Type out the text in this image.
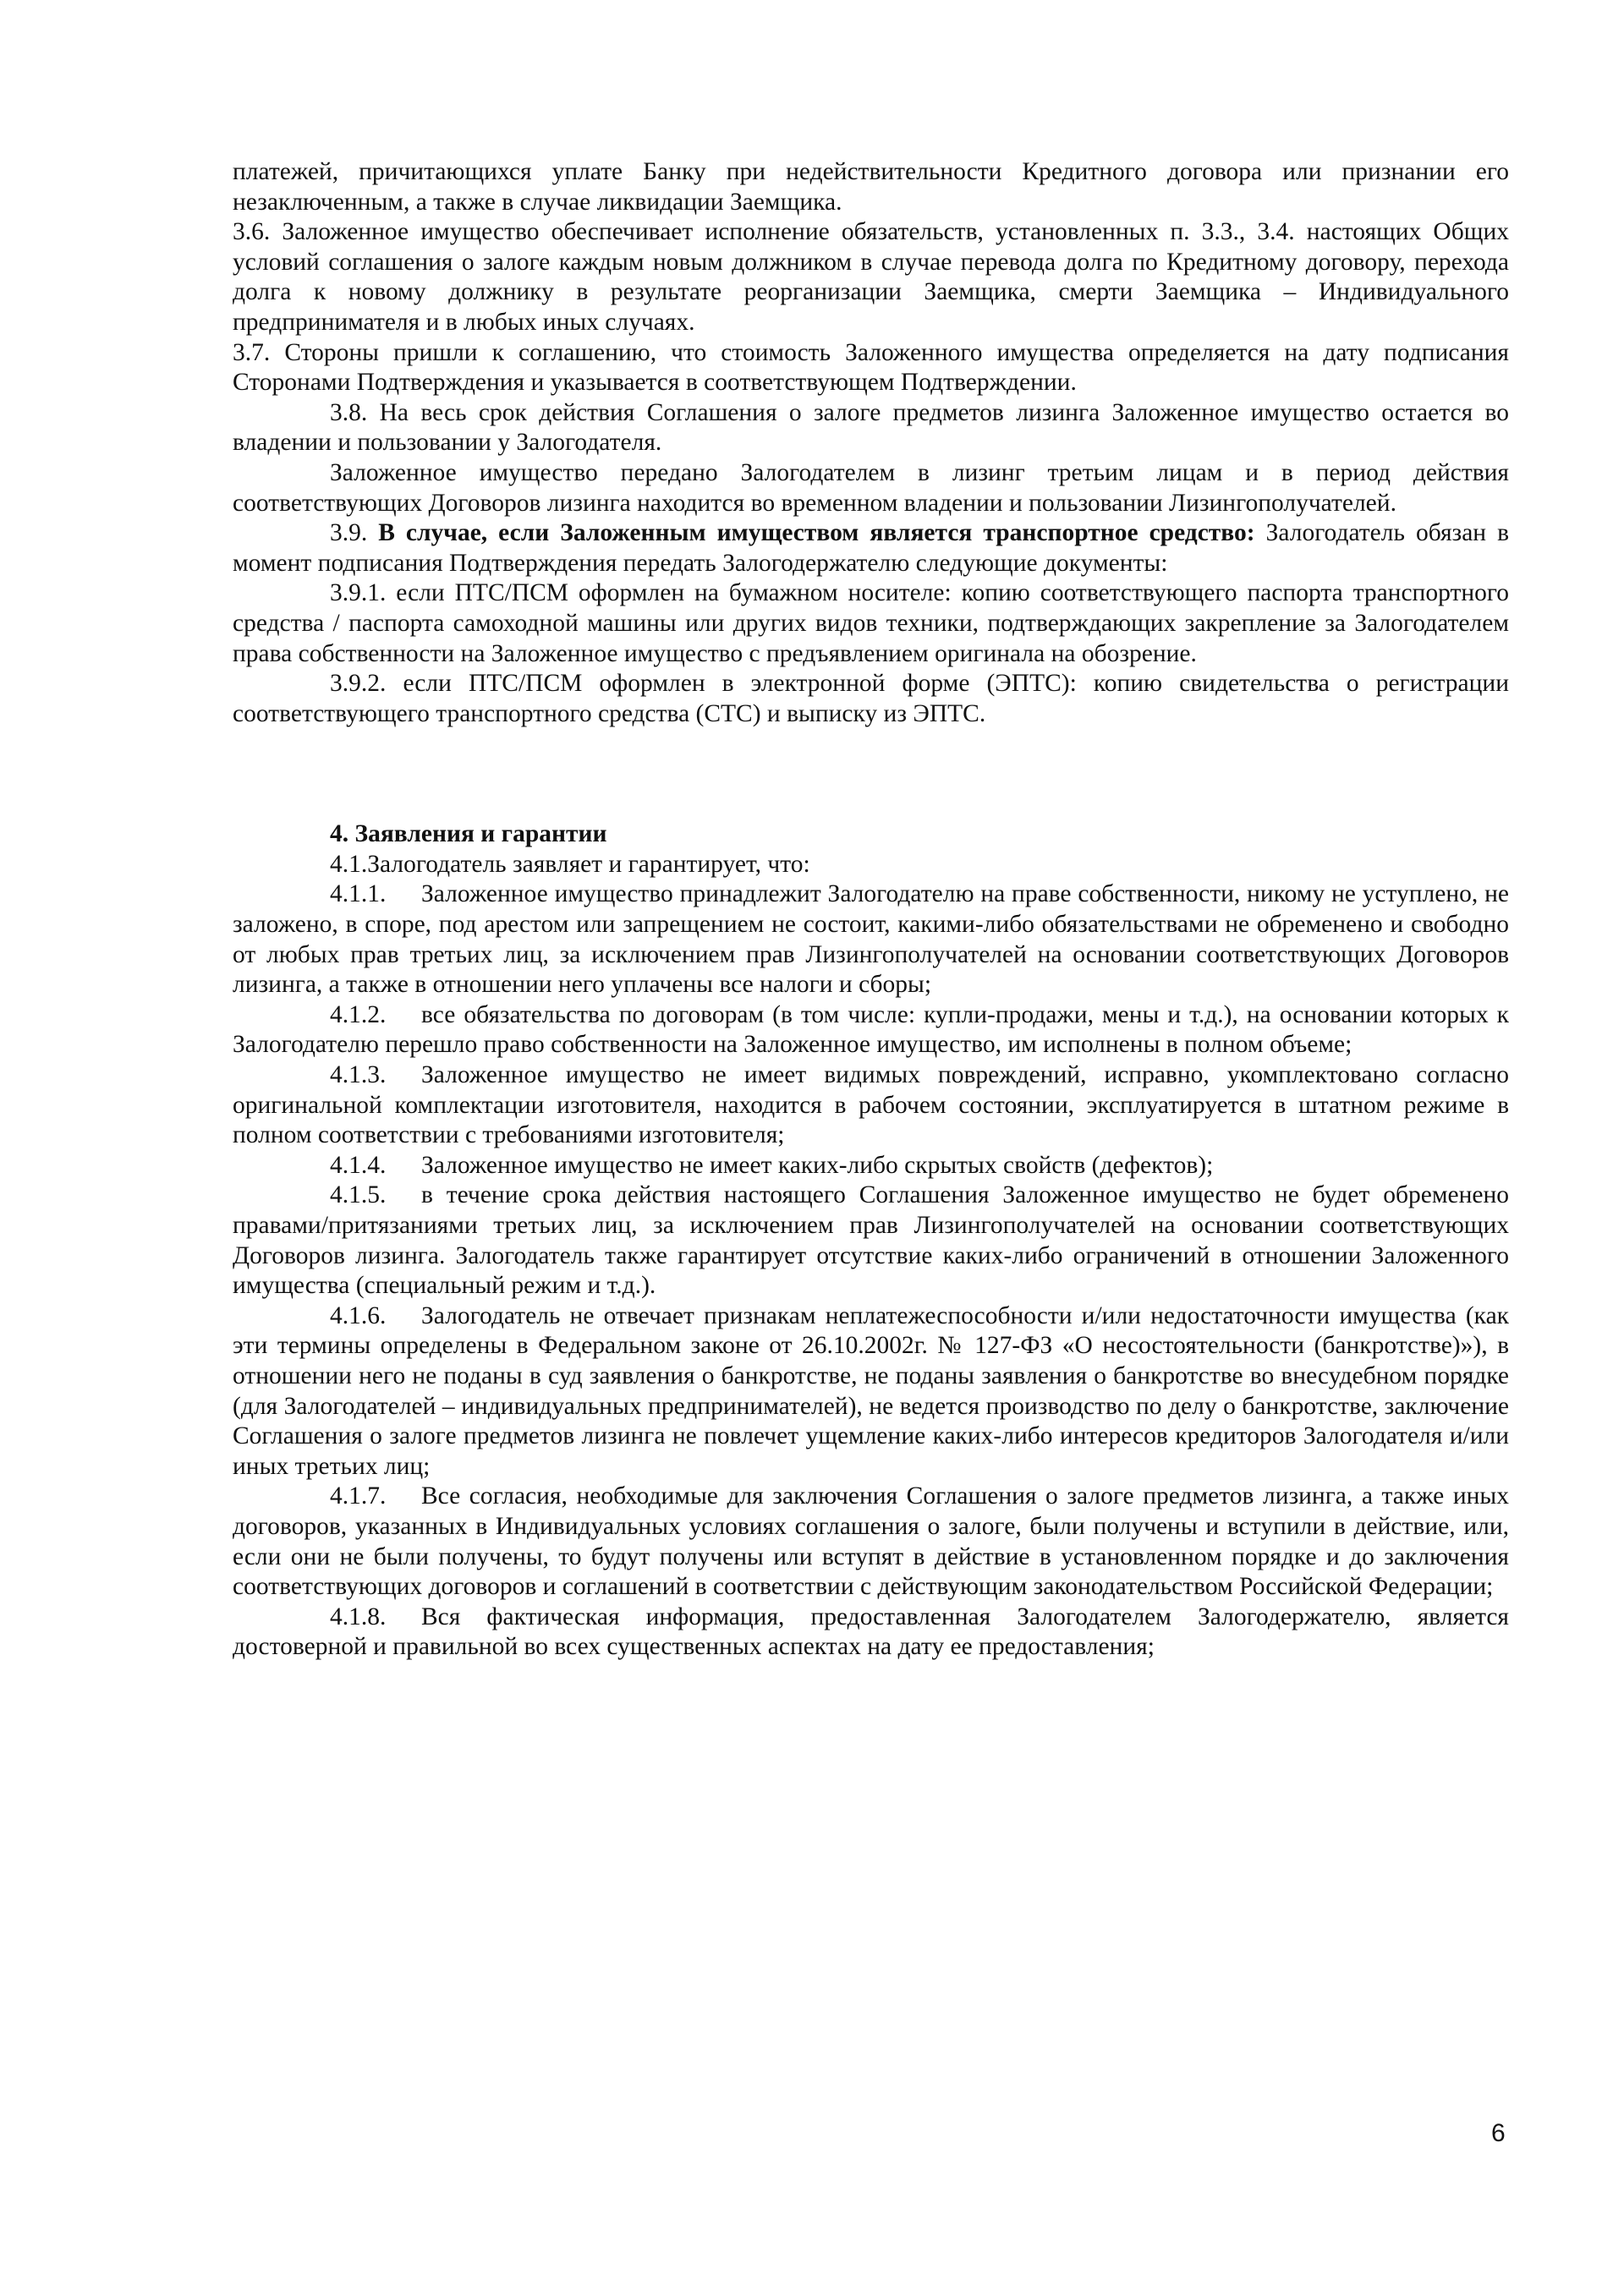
платежей, причитающихся уплате Банку при недействительности Кредитного договора или признании его незаключенным, а также в случае ликвидации Заемщика.

3.6. Заложенное имущество обеспечивает исполнение обязательств, установленных п. 3.3., 3.4. настоящих Общих условий соглашения о залоге каждым новым должником в случае перевода долга по Кредитному договору, перехода долга к новому должнику в результате реорганизации Заемщика, смерти Заемщика – Индивидуального предпринимателя и в любых иных случаях.

3.7. Стороны пришли к соглашению, что стоимость Заложенного имущества определяется на дату подписания Сторонами Подтверждения и указывается в соответствующем Подтверждении.

3.8. На весь срок действия Соглашения о залоге предметов лизинга Заложенное имущество остается во владении и пользовании у Залогодателя.

Заложенное имущество передано Залогодателем в лизинг третьим лицам и в период действия соответствующих Договоров лизинга находится во временном владении и пользовании Лизингополучателей.

3.9. В случае, если Заложенным имуществом является транспортное средство: Залогодатель обязан в момент подписания Подтверждения передать Залогодержателю следующие документы:

3.9.1. если ПТС/ПСМ оформлен на бумажном носителе: копию соответствующего паспорта транспортного средства / паспорта самоходной машины или других видов техники, подтверждающих закрепление за Залогодателем права собственности на Заложенное имущество с предъявлением оригинала на обозрение.

3.9.2. если ПТС/ПСМ оформлен в электронной форме (ЭПТС): копию свидетельства о регистрации соответствующего транспортного средства (СТС) и выписку из ЭПТС.

4. Заявления и гарантии

4.1.Залогодатель заявляет и гарантирует, что:

4.1.1. Заложенное имущество принадлежит Залогодателю на праве собственности, никому не уступлено, не заложено, в споре, под арестом или запрещением не состоит, какими-либо обязательствами не обременено и свободно от любых прав третьих лиц, за исключением прав Лизингополучателей на основании соответствующих Договоров лизинга, а также в отношении него уплачены все налоги и сборы;

4.1.2. все обязательства по договорам (в том числе: купли-продажи, мены и т.д.), на основании которых к Залогодателю перешло право собственности на Заложенное имущество, им исполнены в полном объеме;

4.1.3. Заложенное имущество не имеет видимых повреждений, исправно, укомплектовано согласно оригинальной комплектации изготовителя, находится в рабочем состоянии, эксплуатируется в штатном режиме в полном соответствии с требованиями изготовителя;

4.1.4. Заложенное имущество не имеет каких-либо скрытых свойств (дефектов);

4.1.5. в течение срока действия настоящего Соглашения Заложенное имущество не будет обременено правами/притязаниями третьих лиц, за исключением прав Лизингополучателей на основании соответствующих Договоров лизинга. Залогодатель также гарантирует отсутствие каких-либо ограничений в отношении Заложенного имущества (специальный режим и т.д.).

4.1.6. Залогодатель не отвечает признакам неплатежеспособности и/или недостаточности имущества (как эти термины определены в Федеральном законе от 26.10.2002г. № 127-ФЗ «О несостоятельности (банкротстве)»), в отношении него не поданы в суд заявления о банкротстве, не поданы заявления о банкротстве во внесудебном порядке (для Залогодателей – индивидуальных предпринимателей), не ведется производство по делу о банкротстве, заключение Соглашения о залоге предметов лизинга не повлечет ущемление каких-либо интересов кредиторов Залогодателя и/или иных третьих лиц;

4.1.7. Все согласия, необходимые для заключения Соглашения о залоге предметов лизинга, а также иных договоров, указанных в Индивидуальных условиях соглашения о залоге, были получены и вступили в действие, или, если они не были получены, то будут получены или вступят в действие в установленном порядке и до заключения соответствующих договоров и соглашений в соответствии с действующим законодательством Российской Федерации;

4.1.8. Вся фактическая информация, предоставленная Залогодателем Залогодержателю, является достоверной и правильной во всех существенных аспектах на дату ее предоставления;

6
